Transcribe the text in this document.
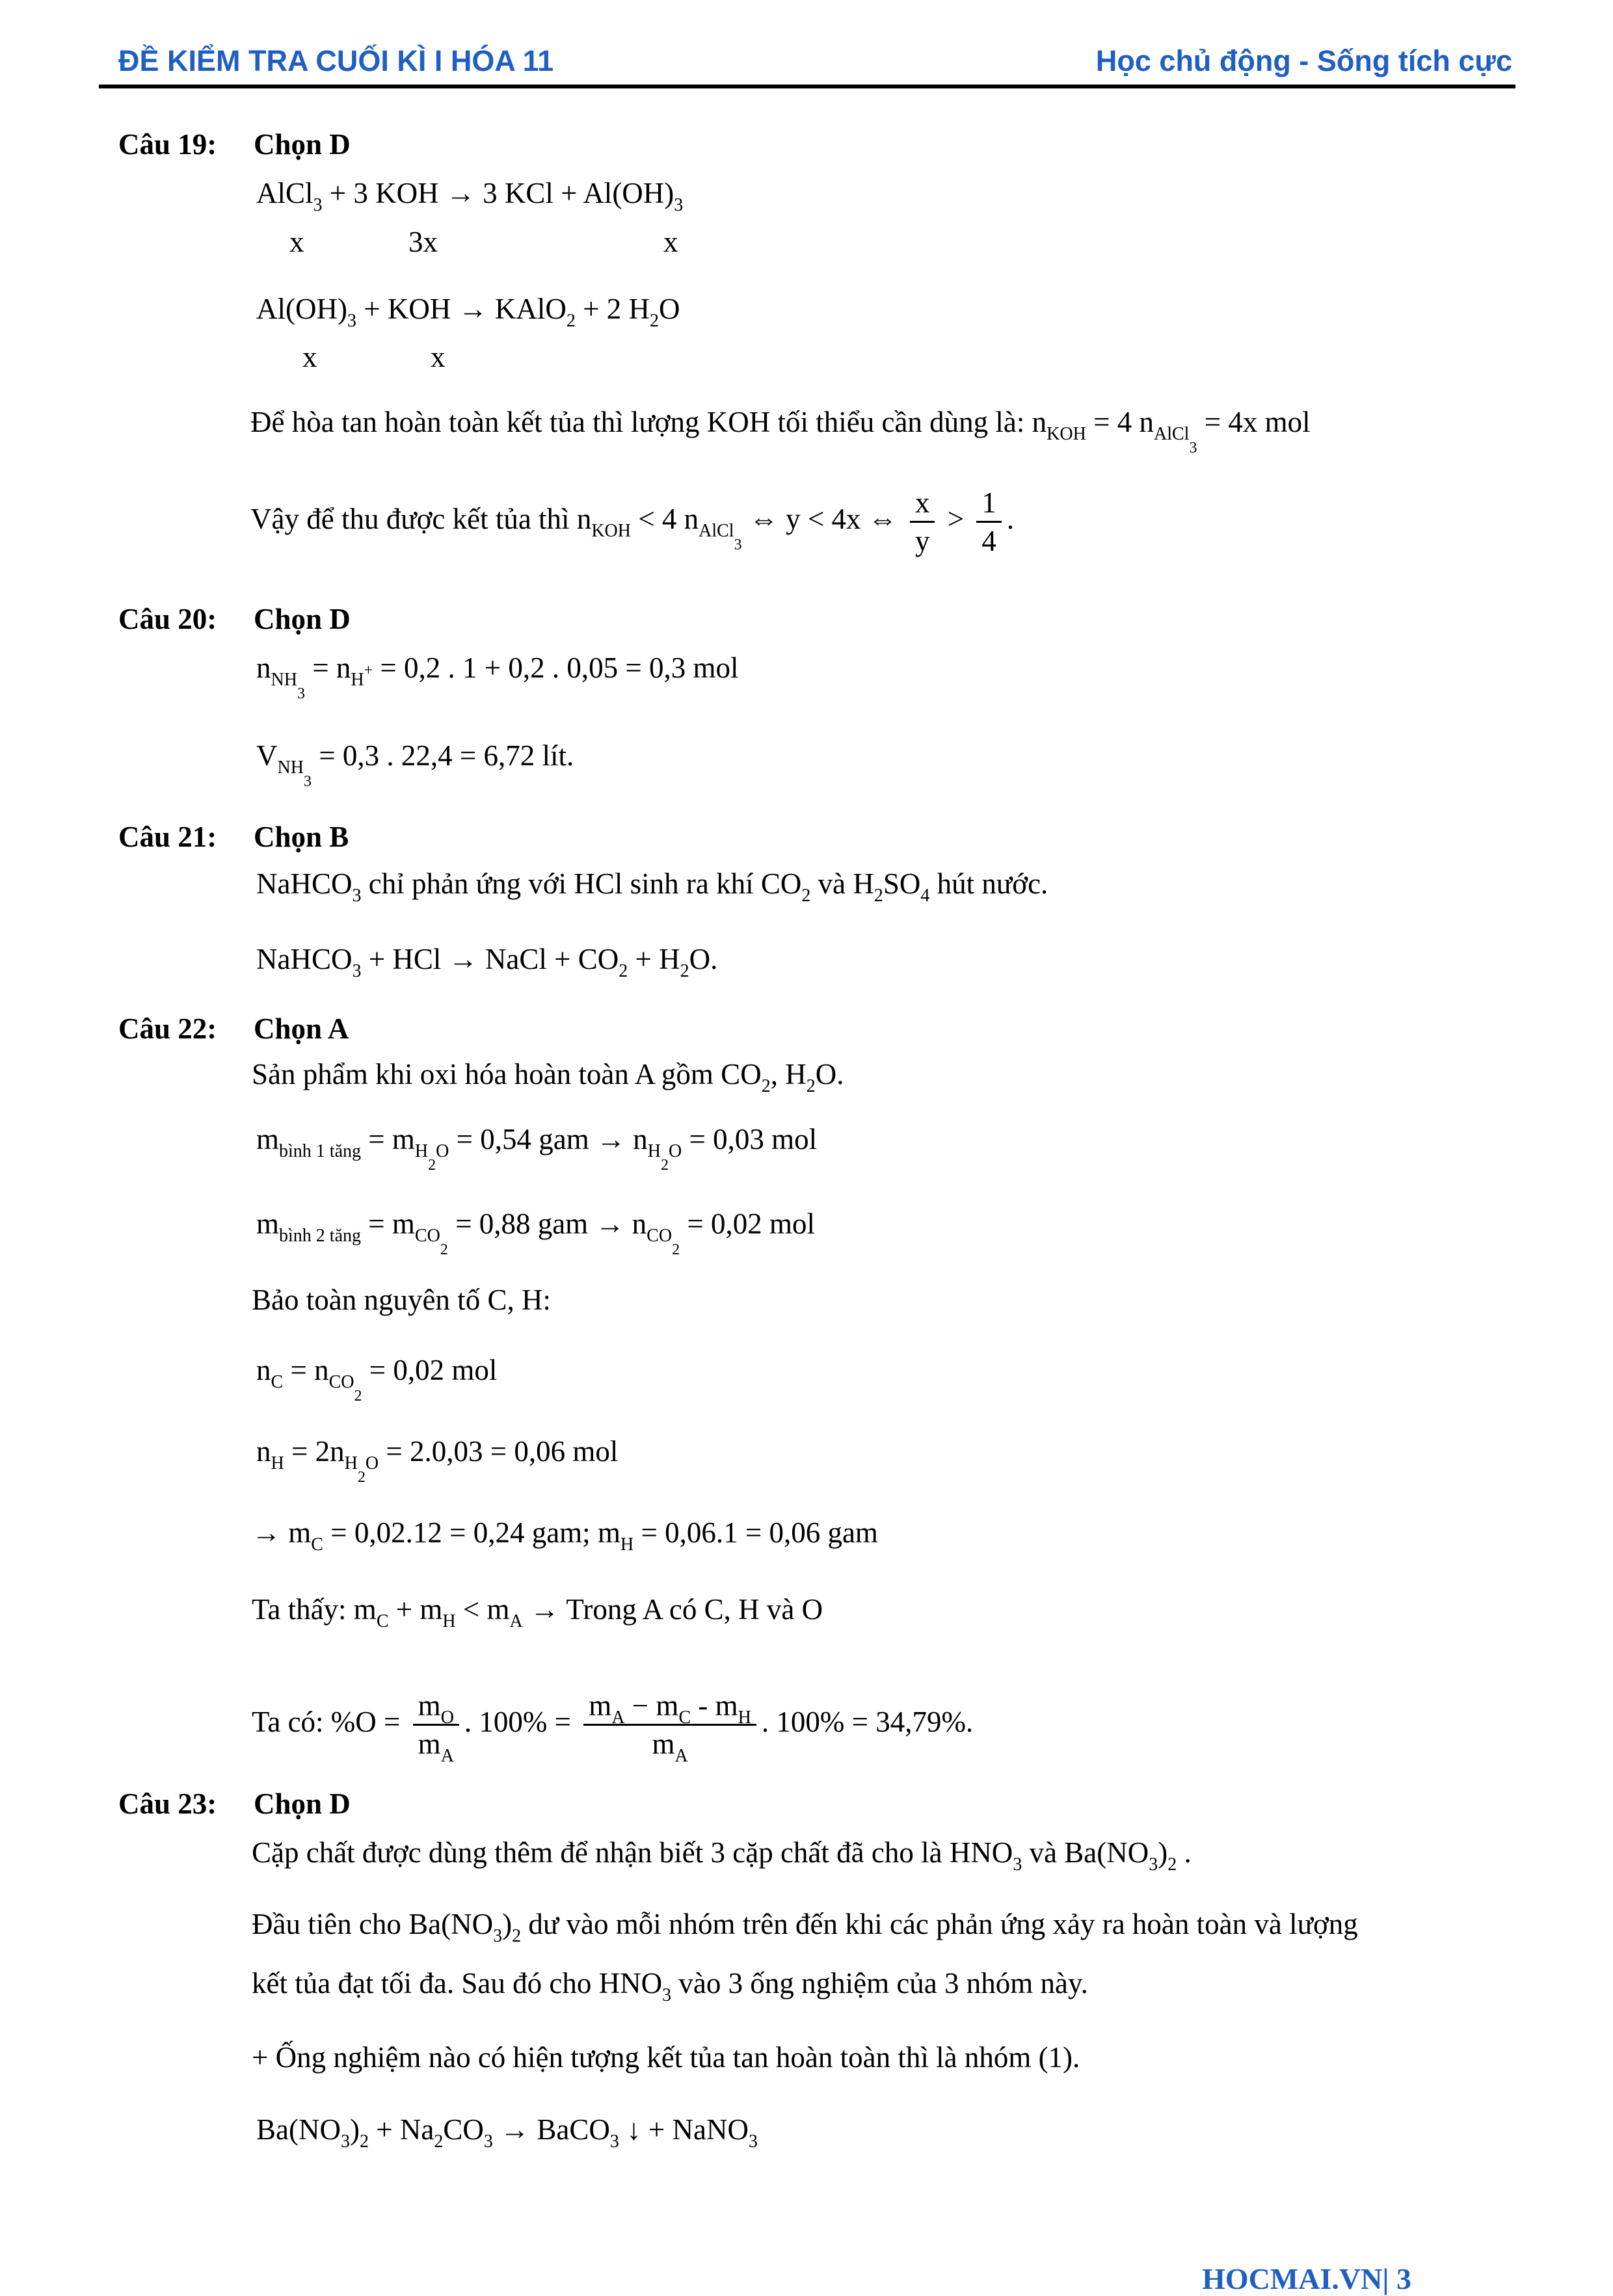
ĐỀ KIỂM TRA CUỐI KÌ I HÓA 11	Học chủ động - Sống tích cực
Câu 19: Chọn D
AlCl$_3$ + 3 KOH → 3 KCl + $Al(OH)_3$
x	3x	x
$Al(OH)_3$ + KOH → KAlO$_2$ + 2 $H_2O$
x	x
Để hòa tan hoàn toàn kết tủa thì lượng KOH tối thiểu cần dùng là: $n_{KOH} = 4$ $n_{AlCl3} = 4x$ mol
Vậy để thu được kết tủa thì $n_{KOH} < 4$ $n_{AlCl3}$ ⇔ y < 4x ⇔ $\frac{x}{y} > \frac{1}{4}$ .
Câu 20: Chọn D
$n_{NH3} = n_{H+} = 0,2$ . 1 + 0,2 . 0,05 = 0,3 mol
$V_{NH3} = 0,3$ . 22,4 = 6,72 lít.
Câu 21: Chọn B
NaHCO$_3$ chỉ phản ứng với HCl sinh ra khí $CO_2$ và $H_2SO_4$ hút nước.
NaHCO$_3$ + HCl → NaCl + $CO_2 + H_2O$.
Câu 22: Chọn A
Sản phẩm khi oxi hóa hoàn toàn A gồm $CO_2$, $H_2O$.
$m_{bình 1 tăng} = m_{H2O} = 0,54$ gam → $n_{H2O} = 0,03$ mol
$m_{bình 2 tăng} = m_{CO2} = 0,88$ gam → $n_{CO2} = 0,02$ mol
Bảo toàn nguyên tố C, H:
$n_C = n_{CO2} = 0,02$ mol
$n_H = 2n_{H2O} = 2.0,03 = 0,06$ mol
→ $m_C = 0,02.12 = 0,24$ gam; $m_H = 0,06.1 = 0,06$ gam
Ta thấy: $m_C + m_H < m_A$ → Trong A có C, H và O
Ta có: $\%O = \frac{m_O}{m_A}$ . $100\% = \frac{m_A - m_C - m_H}{m_A}$ . 100% = 34,79%.
Câu 23: Chọn D
Cặp chất được dùng thêm để nhận biết 3 cặp chất đã cho là $HNO_3$ và $Ba(NO_3)_2$ .
Đầu tiên cho $Ba(NO_3)_2$ dư vào mỗi nhóm trên đến khi các phản ứng xảy ra hoàn toàn và lượng
kết tủa đạt tối đa. Sau đó cho $HNO_3$ vào 3 ống nghiệm của 3 nhóm này.
+ Ống nghiệm nào có hiện tượng kết tủa tan hoàn toàn thì là nhóm (1).
$Ba(NO_3)_2 + Na_2CO_3$ → BaCO$_3$ ↓ + NaNO$_3$
HOCMAI.VN| 3
